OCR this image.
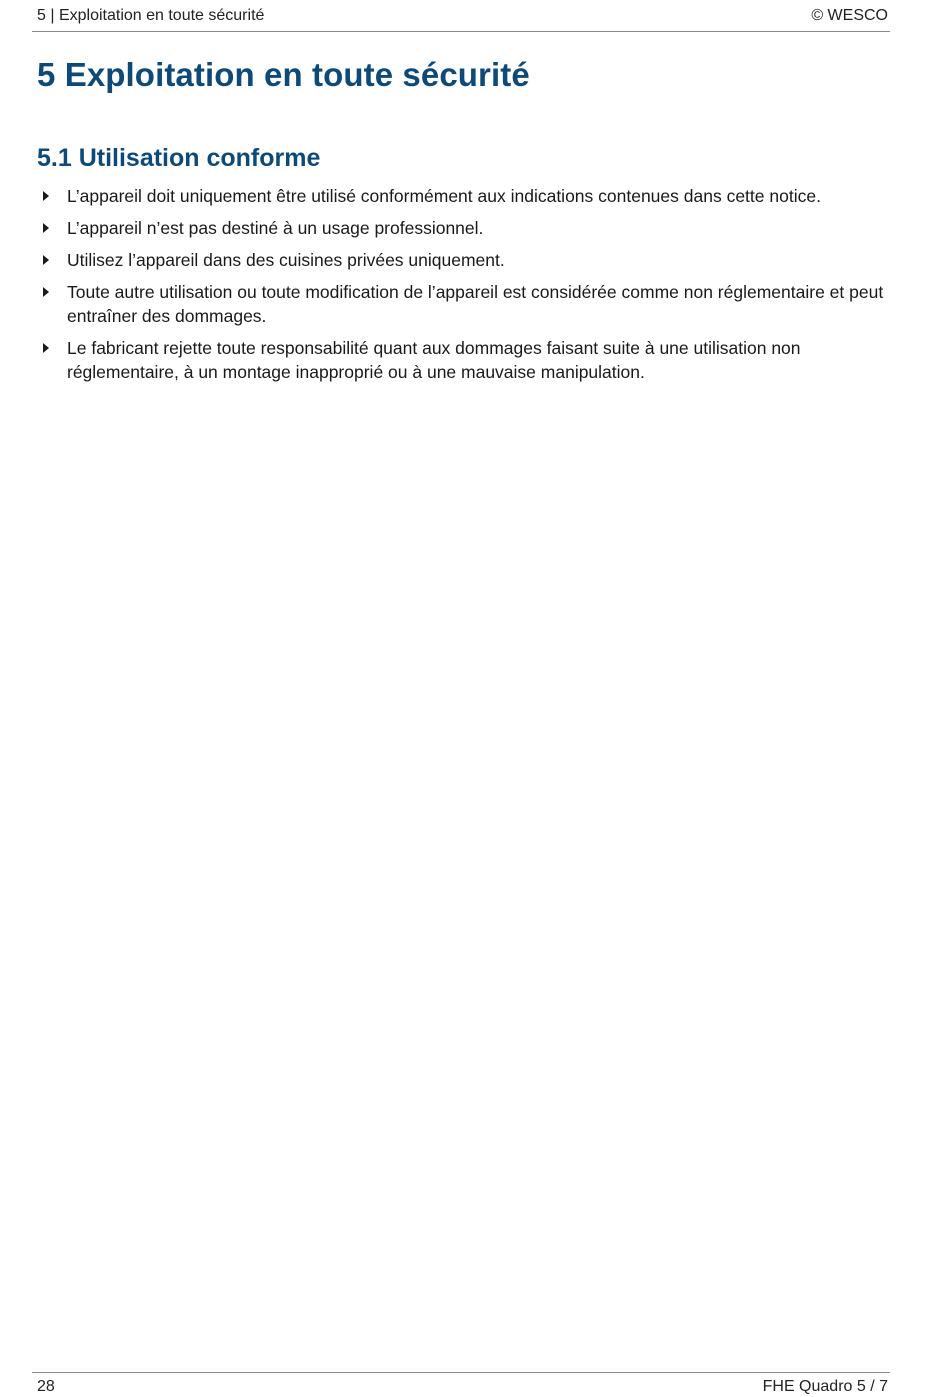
5 | Exploitation en toute sécurité	© WESCO
5 Exploitation en toute sécurité
5.1 Utilisation conforme
L’appareil doit uniquement être utilisé conformément aux indications contenues dans cette notice.
L’appareil n’est pas destiné à un usage professionnel.
Utilisez l’appareil dans des cuisines privées uniquement.
Toute autre utilisation ou toute modification de l’appareil est considérée comme non réglementaire et peut entraîner des dommages.
Le fabricant rejette toute responsabilité quant aux dommages faisant suite à une utilisation non réglementaire, à un montage inapproprié ou à une mauvaise manipulation.
28	FHE Quadro 5 / 7
